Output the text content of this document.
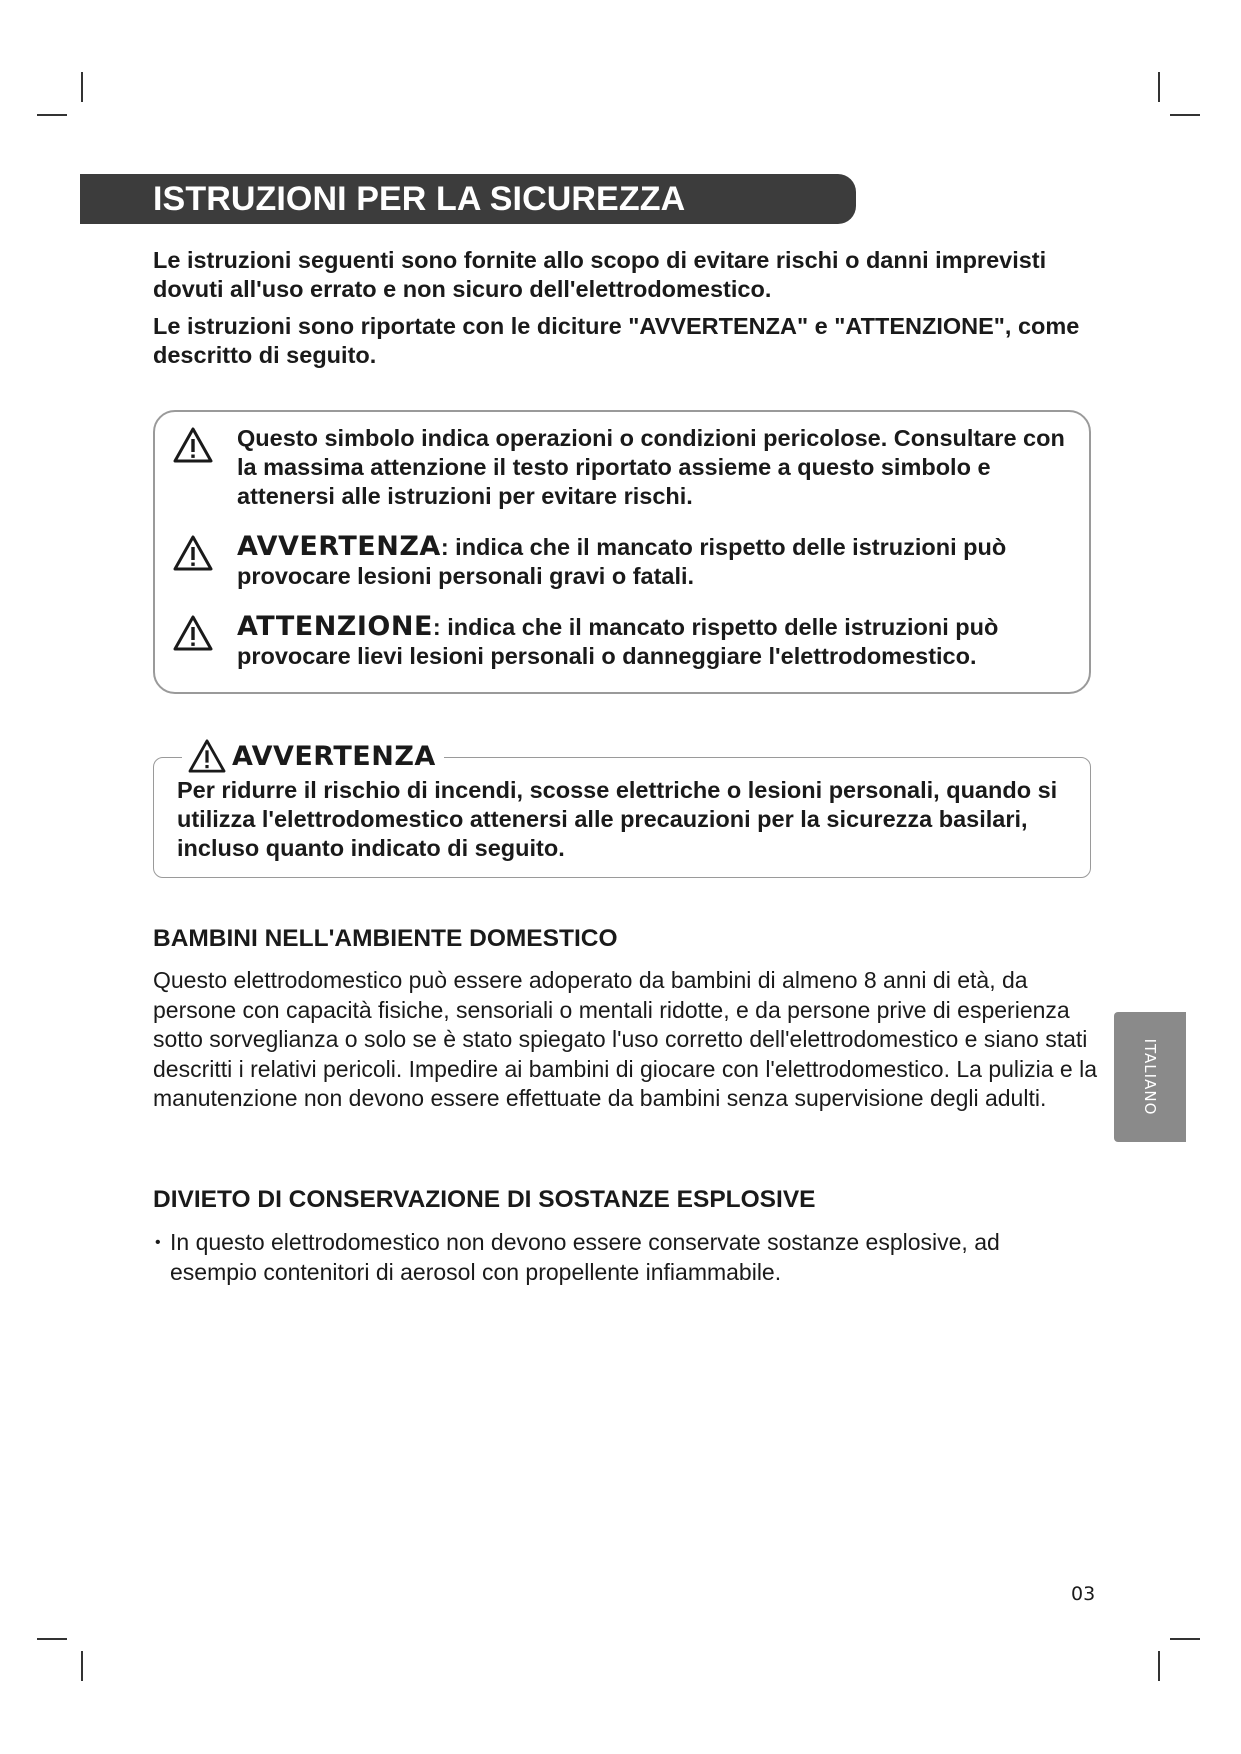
ISTRUZIONI PER LA SICUREZZA

Le istruzioni seguenti sono fornite allo scopo di evitare rischi o danni imprevisti dovuti all'uso errato e non sicuro dell'elettrodomestico.

Le istruzioni sono riportate con le diciture "AVVERTENZA" e "ATTENZIONE", come descritto di seguito.

Questo simbolo indica operazioni o condizioni pericolose. Consultare con la massima attenzione il testo riportato assieme a questo simbolo e attenersi alle istruzioni per evitare rischi.
AVVERTENZA: indica che il mancato rispetto delle istruzioni può provocare lesioni personali gravi o fatali.
ATTENZIONE: indica che il mancato rispetto delle istruzioni può provocare lievi lesioni personali o danneggiare l'elettrodomestico.
AVVERTENZA
Per ridurre il rischio di incendi, scosse elettriche o lesioni personali, quando si utilizza l'elettrodomestico attenersi alle precauzioni per la sicurezza basilari, incluso quanto indicato di seguito.
BAMBINI NELL'AMBIENTE DOMESTICO
Questo elettrodomestico può essere adoperato da bambini di almeno 8 anni di età, da persone con capacità fisiche, sensoriali o mentali ridotte, e da persone prive di esperienza sotto sorveglianza o solo se è stato spiegato l'uso corretto dell'elettrodomestico e siano stati descritti i relativi pericoli. Impedire ai bambini di giocare con l'elettrodomestico. La pulizia e la manutenzione non devono essere effettuate da bambini senza supervisione degli adulti.
DIVIETO DI CONSERVAZIONE DI SOSTANZE ESPLOSIVE
• In questo elettrodomestico non devono essere conservate sostanze esplosive, ad esempio contenitori di aerosol con propellente infiammabile.
ITALIANO
03
